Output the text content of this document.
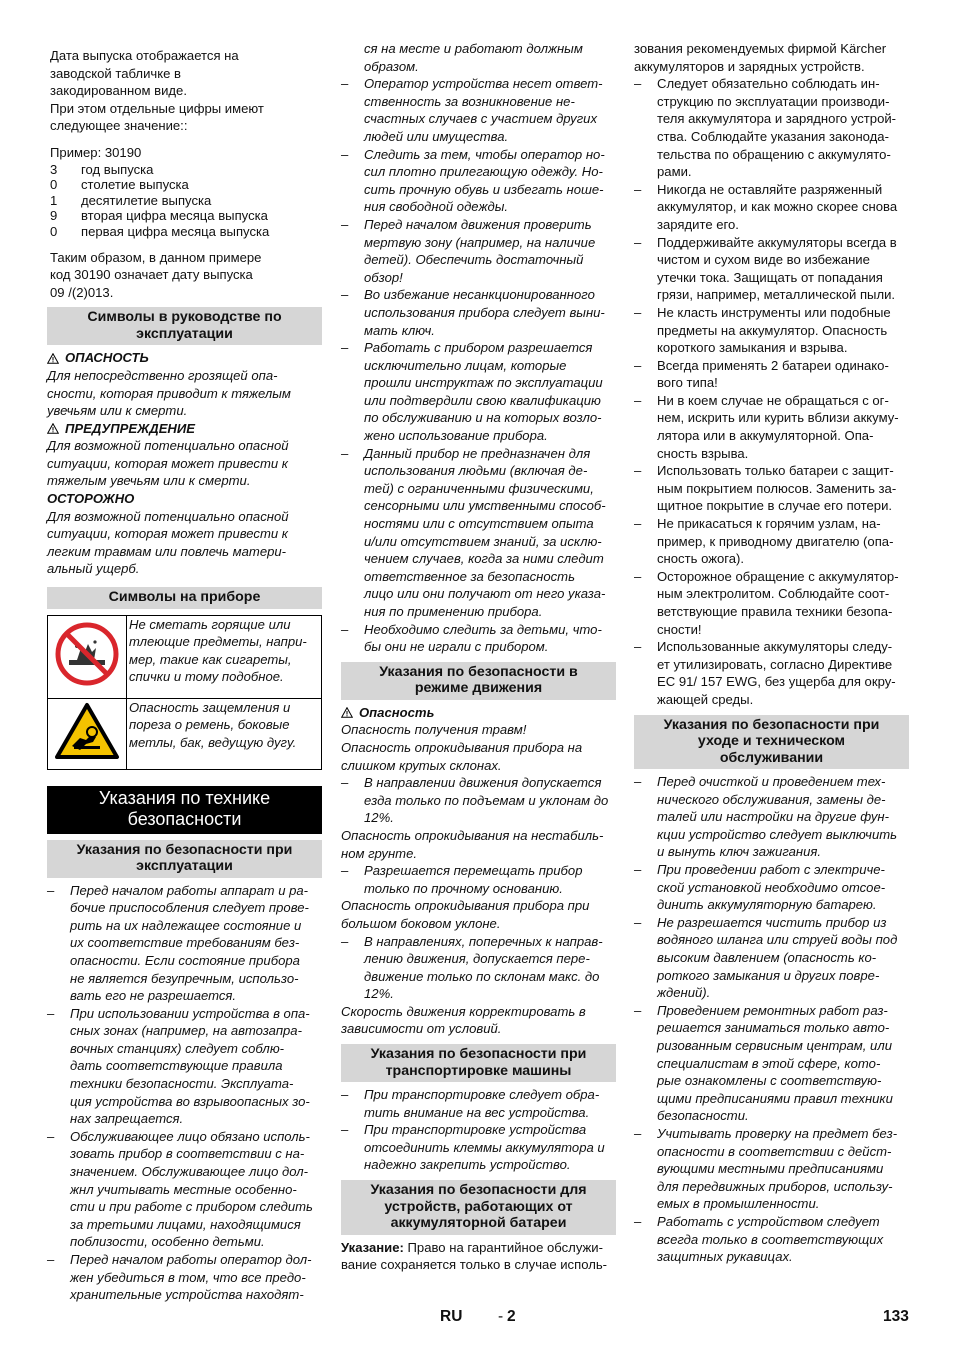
Дата выпуска отображается на

заводской табличке в

закодированном виде.

При этом отдельные цифры имеют

следующее значение::

Пример: 30190

3	год выпуска
0	столетие выпуска
1	десятилетие выпуска
9	вторая цифра месяца выпуска
0	первая цифра месяца выпуска

Таким образом, в данном примере

код 30190 означает дату выпуска

09 /(2)013.

Символы в руководстве по
эксплуатации
ОПАСНОСТЬ

Для непосредственно грозящей опа-

сности, которая приводит к тяжелым

увечьям или к смерти.

ПРЕДУПРЕЖДЕНИЕ

Для возможной потенциально опасной

ситуации, которая может привести к

тяжелым увечьям или к смерти.

ОСТОРОЖНО

Для возможной потенциально опасной

ситуации, которая может привести к

легким травмам или повлечь матери-

альный ущерб.

Символы на приборе

Не сметать горящие или

тлеющие предметы, напри-

мер, такие как сигареты,

спички и тому подобное.

Опасность защемления и

пореза о ремень, боковые

метлы, бак, ведущую дугу.

Указания по технике
безопасности
Указания по безопасности при
эксплуатации
– Перед началом работы аппарат и ра-

бочие приспособления следует прове-

рить на их надлежащее состояние и

их соответствие требованиям без-

опасности. Если состояние прибора

не является безупречным, использо-

вать его не разрешается.

– При использовании устройства в опа-

сных зонах (например, на автозапра-

вочных станциях) следует соблю-

дать соответствующие правила

техники безопасности. Эксплуата-

ция устройства во взрывоопасных зо-

нах запрещается.

– Обслуживающее лицо обязано исполь-

зовать прибор в соответствии с на-

значением. Обслуживающее лицо дол-

жнл учитывать местные особенно-

сти и при работе с прибором следить

за третьими лицами, находящимися

поблизости, особенно детьми.

– Перед началом работы оператор дол-

жен убедиться в том, что все предо-

хранительные устройства находят-

ся на месте и работают должным

образом.

– Оператор устройства несет ответ-

ственность за возникновение не-

счастных случаев с участием других

людей или имущества.

– Следить за тем, чтобы оператор но-

сил плотно прилегающую одежду. Но-

сить прочную обувь и избегать ноше-

ния свободной одежды.

– Перед началом движения проверить

мертвую зону (например, на наличие

детей). Обеспечить достаточный

обзор!

– Во избежание несанкционированного

использования прибора следует выни-

мать ключ.

– Работать с прибором разрешается

исключительно лицам, которые

прошли инструктаж по эксплуатации

или подтвердили свою квалификацию

по обслуживанию и на которых возло-

жено использование прибора.

– Данный прибор не предназначен для

использования людьми (включая де-

тей) с ограниченными физическими,

сенсорными или умственными способ-

ностями или с отсутствием опыта

и/или отсутствием знаний, за исклю-

чением случаев, когда за ними следит

ответственное за безопасность

лицо или они получают от него указа-

ния по применению прибора.

– Необходимо следить за детьми, что-

бы они не играли с прибором.

Указания по безопасности в
режиме движения
Опасность

Опасность получения травм!

Опасность опрокидывания прибора на

слишком крутых склонах.

– В направлении движения допускается

езда только по подъемам и уклонам до

12%.

Опасность опрокидывания на нестабиль-

ном грунте.

– Разрешается перемещать прибор

только по прочному основанию.

Опасность опрокидывания прибора при

большом боковом уклоне.

– В направлениях, поперечных к направ-

лению движения, допускается пере-

движение только по склонам макс. до

12%.

Скорость движения корректировать в

зависимости от условий.

Указания по безопасности при
транспортировке машины
– При транспортировке следует обра-

тить внимание на вес устройства.

– При транспортировке устройства

отсоединить клеммы аккумулятора и

надежно закрепить устройство.

Указания по безопасности для
устройств, работающих от
аккумуляторной батареи

Указание: Право на гарантийное обслужи-

вание сохраняется только в случае исполь-

зования рекомендуемых фирмой Kärcher

аккумуляторов и зарядных устройств.

– Следует обязательно соблюдать ин-

струкцию по эксплуатации производи-

теля аккумулятора и зарядного устрой-

ства. Соблюдайте указания законода-

тельства по обращению с аккумулято-

рами.

– Никогда не оставляйте разряженный

аккумулятор, и как можно скорее снова

зарядите его.

– Поддерживайте аккумуляторы всегда в

чистом и сухом виде во избежание

утечки тока. Защищать от попадания

грязи, например, металлической пыли.

– Не класть инструменты или подобные

предметы на аккумулятор. Опасность

короткого замыкания и взрыва.

– Всегда применять 2 батареи одинако-

вого типа!

– Ни в коем случае не обращаться с ог-

нем, искрить или курить вблизи аккуму-

лятора или в аккумуляторной. Опа-

сность взрыва.

– Использовать только батареи с защит-

ным покрытием полюсов. Заменить за-

щитное покрытие в случае его потери.

– Не прикасаться к горячим узлам, на-

пример, к приводному двигателю (опа-

сность ожога).

– Осторожное обращение с аккумулятор-

ным электролитом. Соблюдайте соот-

ветствующие правила техники безопа-

сности!

– Использованные аккумуляторы следу-

ет утилизировать, согласно Директиве

ЕС 91/ 157 EWG, без ущерба для окру-

жающей среды.

Указания по безопасности при
уходе и техническом
обслуживании
– Перед очисткой и проведением тех-

нического обслуживания, замены де-

талей или настройки на другие фун-

кции устройство следует выключить

и вынуть ключ зажигания.

– При проведении работ с электриче-

ской установкой необходимо отсое-

динить аккумуляторную батарею.

– Не разрешается чистить прибор из

водяного шланга или струей воды под

высоким давлением (опасность ко-

роткого замыкания и других повре-

ждений).

– Проведением ремонтных работ раз-

решается заниматься только авто-

ризованным сервисным центрам, или

специалистам в этой сфере, кото-

рые ознакомлены с соответствую-

щими предписаниями правил техники

безопасности.

– Учитывать проверку на предмет без-

опасности в соответствии с дейст-

вующими местными предписаниями

для передвижных приборов, использу-

емых в промышленности.

– Работать с устройством следует

всегда только в соответствующих

защитных рукавицах.

RU - 2	133
